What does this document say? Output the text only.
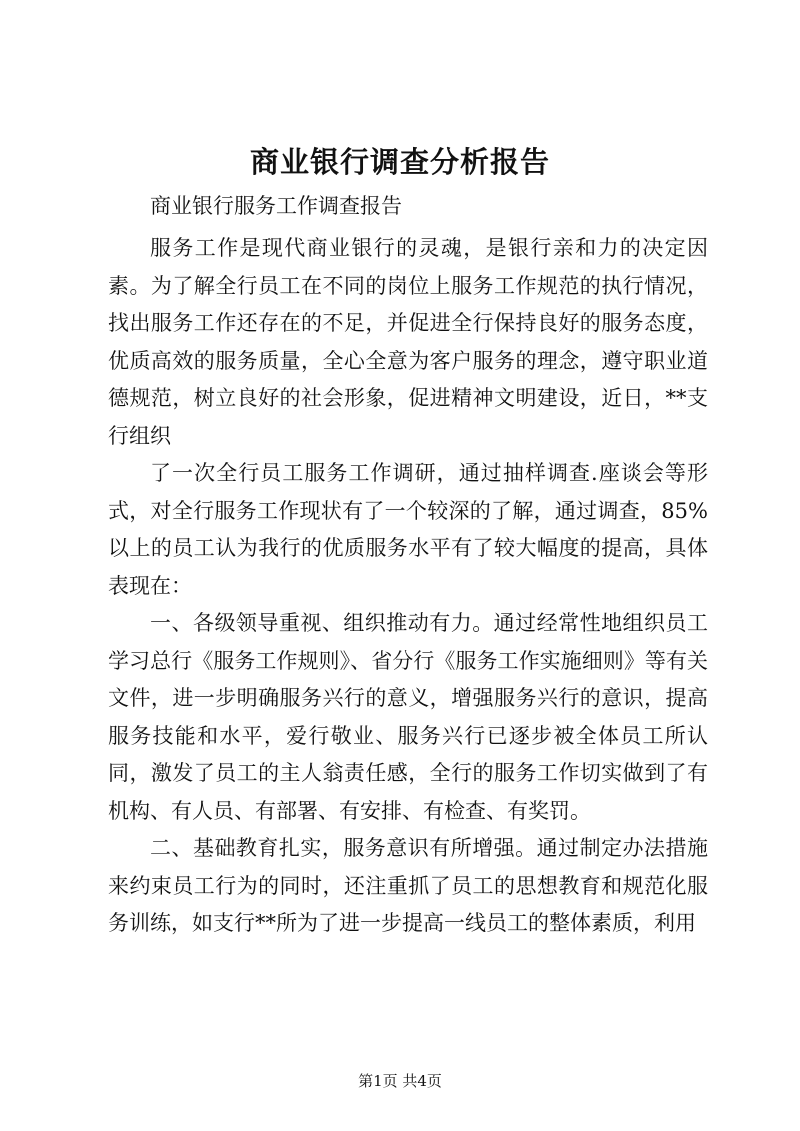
商业银行调查分析报告
商业银行服务工作调查报告

服务工作是现代商业银行的灵魂，是银行亲和力的决定因素。为了解全行员工在不同的岗位上服务工作规范的执行情况，找出服务工作还存在的不足，并促进全行保持良好的服务态度，优质高效的服务质量，全心全意为客户服务的理念，遵守职业道德规范，树立良好的社会形象，促进精神文明建设，近日，**支行组织

了一次全行员工服务工作调研，通过抽样调查.座谈会等形式，对全行服务工作现状有了一个较深的了解，通过调查，85%以上的员工认为我行的优质服务水平有了较大幅度的提高，具体表现在：

一、各级领导重视、组织推动有力。通过经常性地组织员工学习总行《服务工作规则》、省分行《服务工作实施细则》等有关文件，进一步明确服务兴行的意义，增强服务兴行的意识，提高服务技能和水平，爱行敬业、服务兴行已逐步被全体员工所认同，激发了员工的主人翁责任感，全行的服务工作切实做到了有机构、有人员、有部署、有安排、有检查、有奖罚。

二、基础教育扎实，服务意识有所增强。通过制定办法措施来约束员工行为的同时，还注重抓了员工的思想教育和规范化服务训练，如支行**所为了进一步提高一线员工的整体素质，利用

第1页 共4页
